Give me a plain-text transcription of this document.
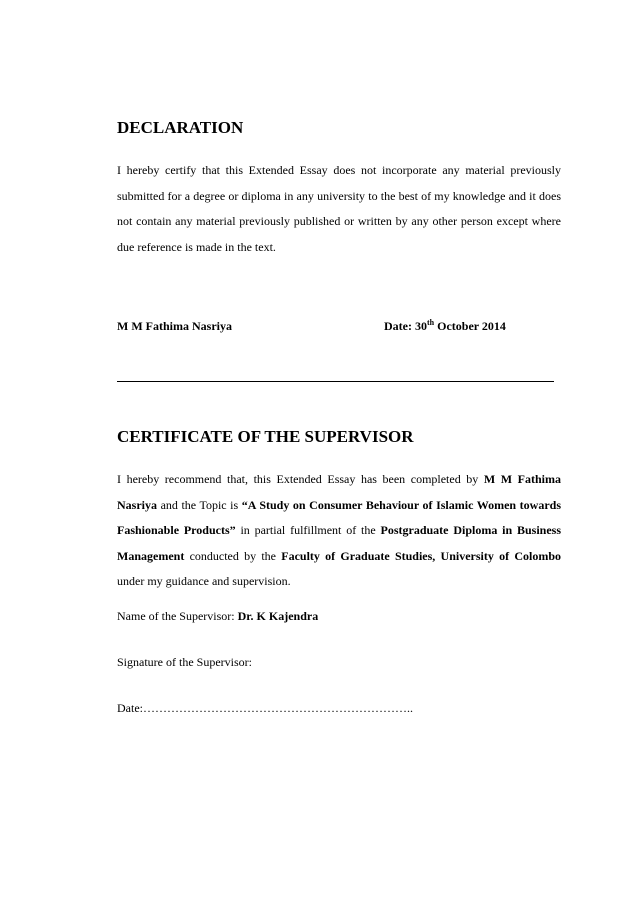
DECLARATION
I hereby certify that this Extended Essay does not incorporate any material previously submitted for a degree or diploma in any university to the best of my knowledge and it does not contain any material previously published or written by any other person except where due reference is made in the text.
M M Fathima Nasriya	Date: 30th October 2014
CERTIFICATE OF THE SUPERVISOR
I hereby recommend that, this Extended Essay has been completed by M M Fathima Nasriya and the Topic is “A Study on Consumer Behaviour of Islamic Women towards Fashionable Products” in partial fulfillment of the Postgraduate Diploma in Business Management conducted by the Faculty of Graduate Studies, University of Colombo under my guidance and supervision.
Name of the Supervisor: Dr. K Kajendra
Signature of the Supervisor:
Date:…………………………………………………………..
